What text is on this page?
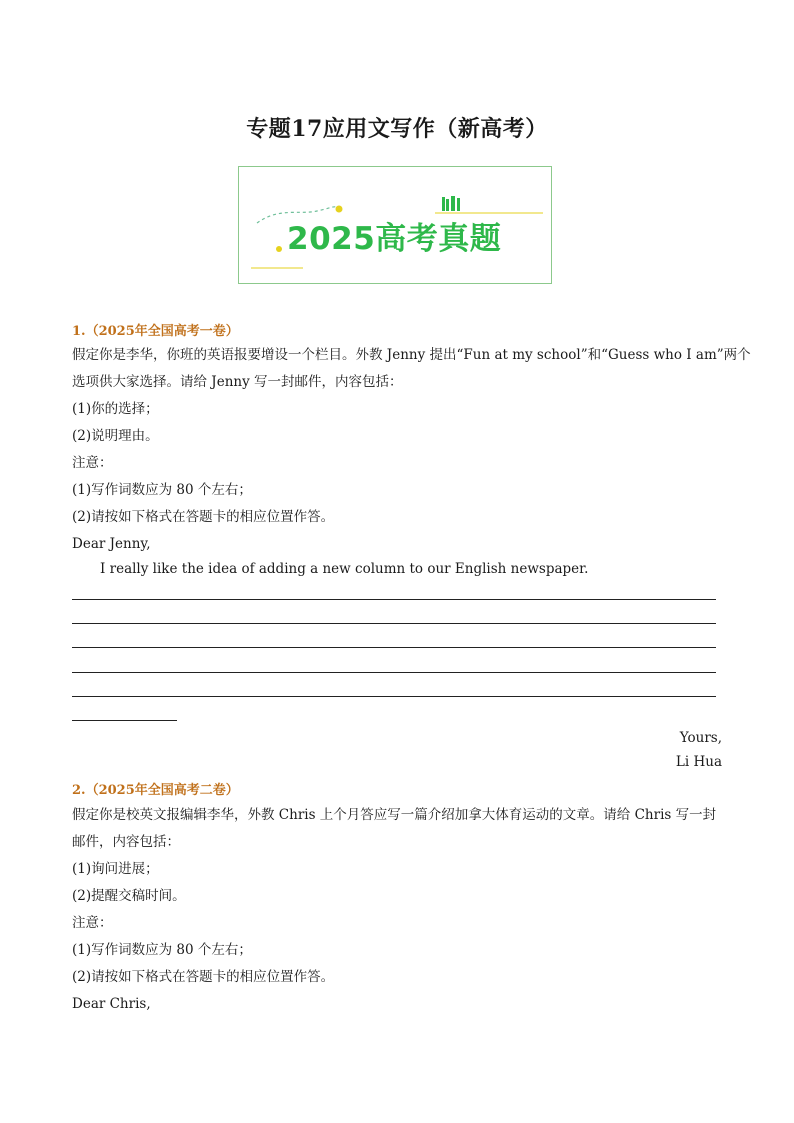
专题17应用文写作（新高考）
2025高考真题
1.（2025年全国高考一卷）
假定你是李华，你班的英语报要增设一个栏目。外教 Jenny 提出“Fun at my school”和“Guess who I am”两个
选项供大家选择。请给 Jenny 写一封邮件，内容包括：
(1)你的选择；
(2)说明理由。
注意：
(1)写作词数应为 80 个左右；
(2)请按如下格式在答题卡的相应位置作答。
Dear Jenny,
I really like the idea of adding a new column to our English newspaper.
Yours,
Li Hua
2.（2025年全国高考二卷）
假定你是校英文报编辑李华，外教 Chris 上个月答应写一篇介绍加拿大体育运动的文章。请给 Chris 写一封
邮件，内容包括：
(1)询问进展；
(2)提醒交稿时间。
注意：
(1)写作词数应为 80 个左右；
(2)请按如下格式在答题卡的相应位置作答。
Dear Chris,
